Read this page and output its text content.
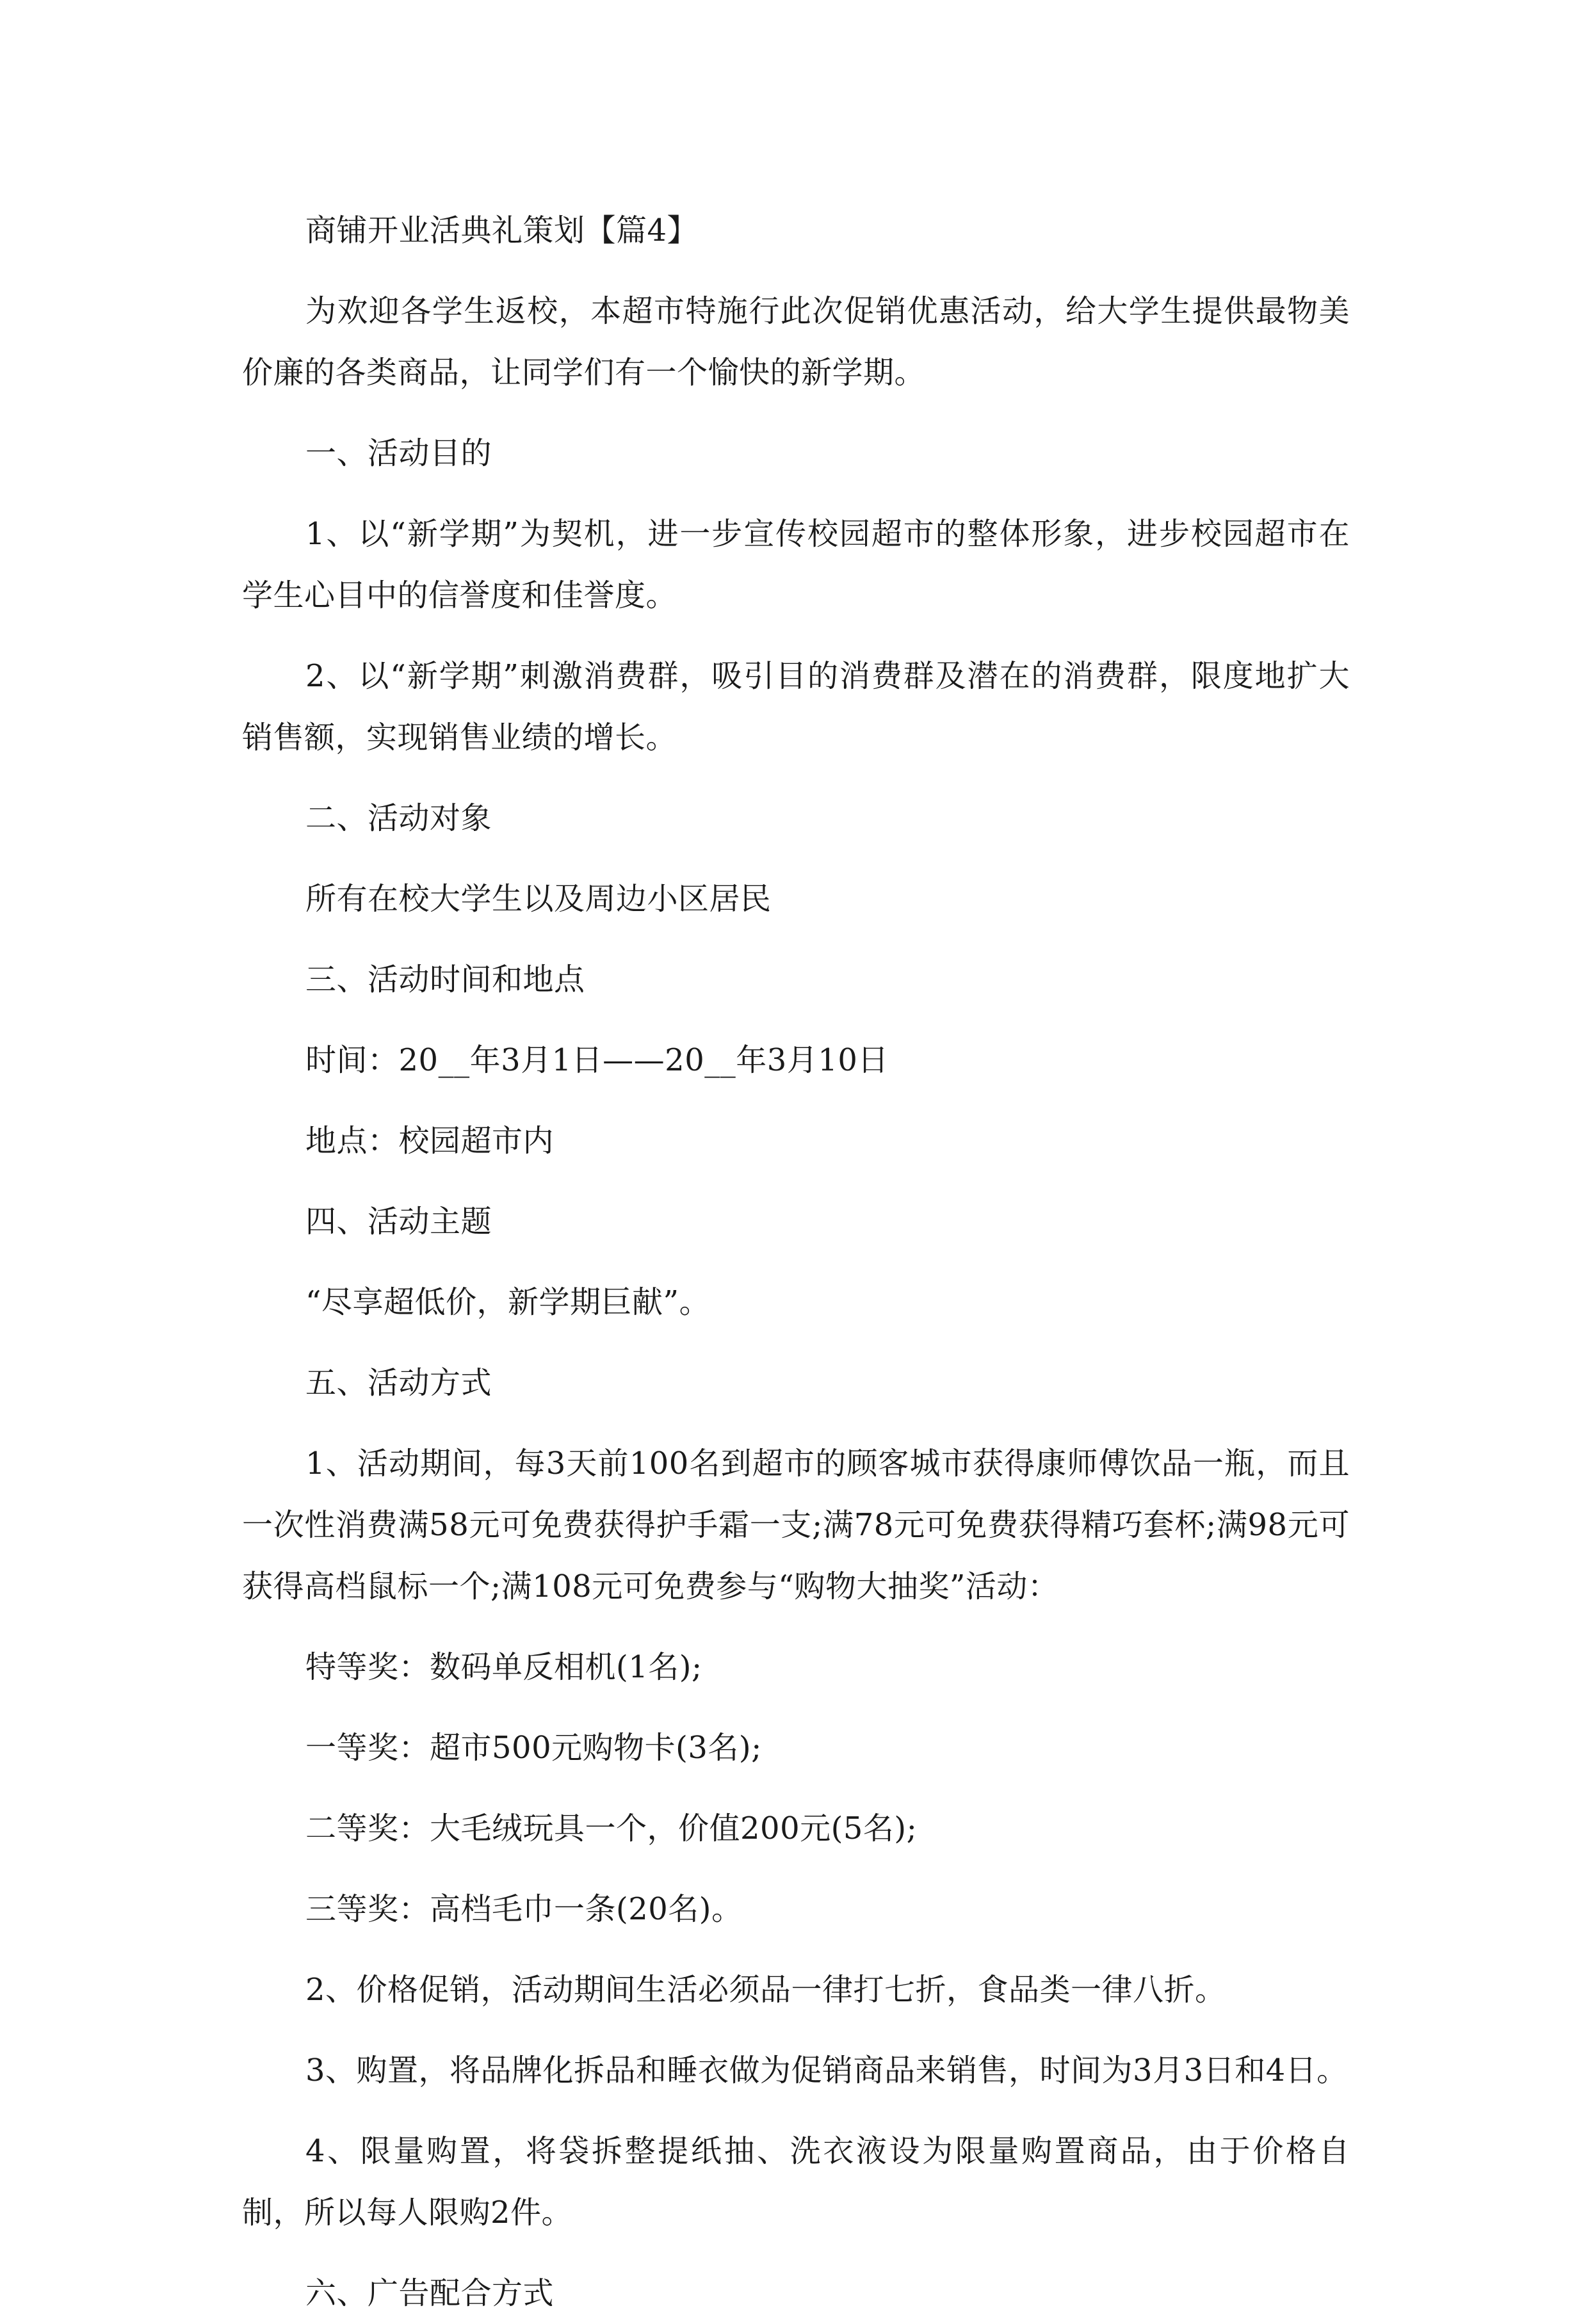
商铺开业活典礼策划【篇4】

为欢迎各学生返校，本超市特施行此次促销优惠活动，给大学生提供最物美价廉的各类商品，让同学们有一个愉快的新学期。

一、活动目的

1、以“新学期”为契机，进一步宣传校园超市的整体形象，进步校园超市在学生心目中的信誉度和佳誉度。

2、以“新学期”刺激消费群，吸引目的消费群及潜在的消费群，限度地扩大销售额，实现销售业绩的增长。

二、活动对象

所有在校大学生以及周边小区居民

三、活动时间和地点

时间：20__年3月1日——20__年3月10日

地点：校园超市内

四、活动主题

“尽享超低价，新学期巨献”。

五、活动方式

1、活动期间，每3天前100名到超市的顾客城市获得康师傅饮品一瓶，而且一次性消费满58元可免费获得护手霜一支;满78元可免费获得精巧套杯;满98元可获得高档鼠标一个;满108元可免费参与“购物大抽奖”活动：

特等奖：数码单反相机(1名);

一等奖：超市500元购物卡(3名);

二等奖：大毛绒玩具一个，价值200元(5名);

三等奖：高档毛巾一条(20名)。

2、价格促销，活动期间生活必须品一律打七折，食品类一律八折。

3、购置，将品牌化拆品和睡衣做为促销商品来销售，时间为3月3日和4日。

4、限量购置，将袋拆整提纸抽、洗衣液设为限量购置商品，由于价格自制，所以每人限购2件。

六、广告配合方式
